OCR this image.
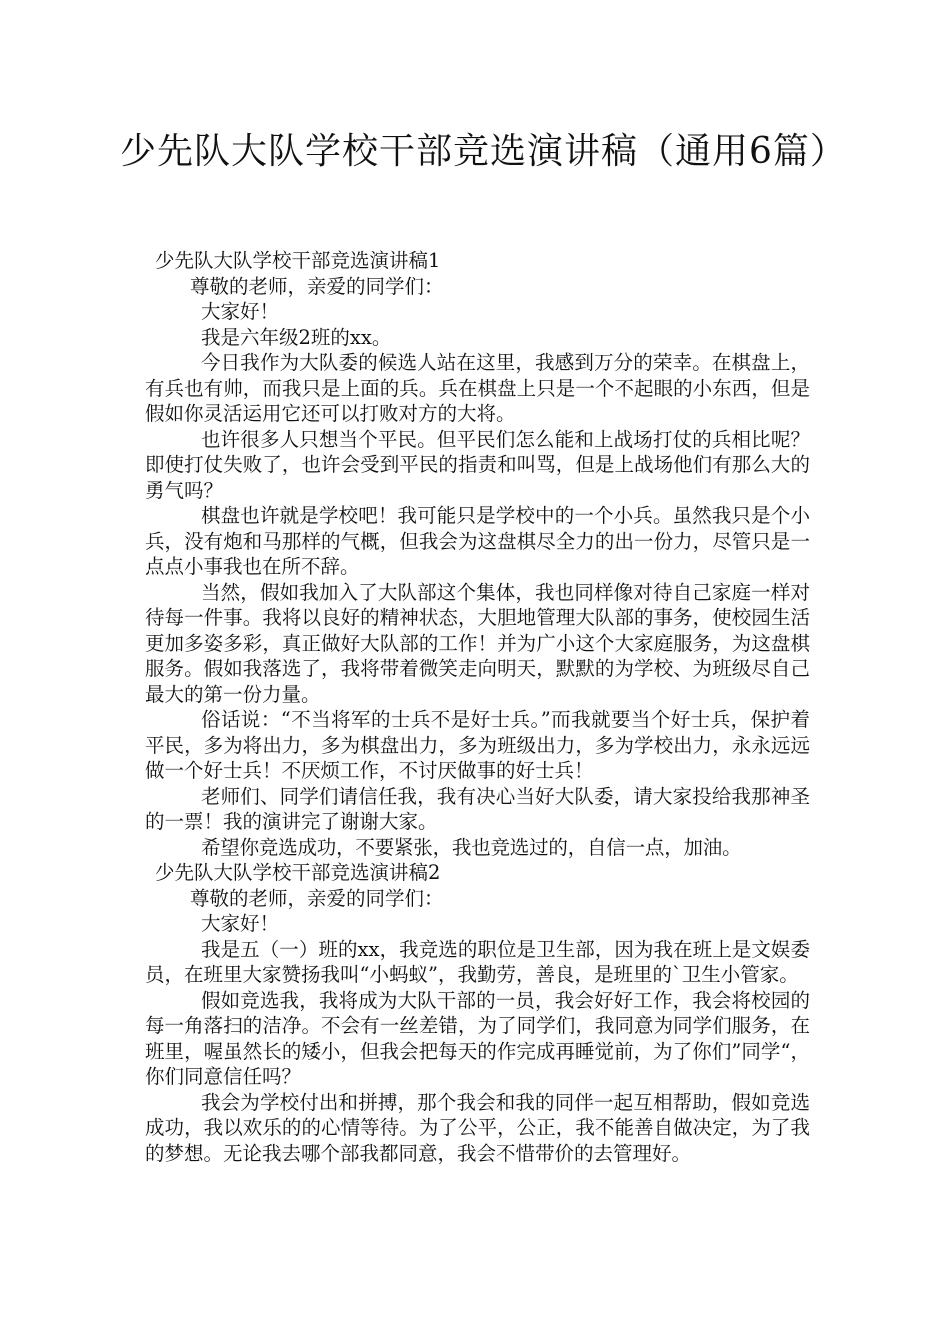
少先队大队学校干部竞选演讲稿（通用6篇）

少先队大队学校干部竞选演讲稿1

尊敬的老师，亲爱的同学们：

大家好！

我是六年级2班的xx。

今日我作为大队委的候选人站在这里，我感到万分的荣幸。在棋盘上，有兵也有帅，而我只是上面的兵。兵在棋盘上只是一个不起眼的小东西，但是假如你灵活运用它还可以打败对方的大将。

也许很多人只想当个平民。但平民们怎么能和上战场打仗的兵相比呢？即使打仗失败了，也许会受到平民的指责和叫骂，但是上战场他们有那么大的勇气吗？

棋盘也许就是学校吧！我可能只是学校中的一个小兵。虽然我只是个小兵，没有炮和马那样的气概，但我会为这盘棋尽全力的出一份力，尽管只是一点点小事我也在所不辞。

当然，假如我加入了大队部这个集体，我也同样像对待自己家庭一样对待每一件事。我将以良好的精神状态，大胆地管理大队部的事务，使校园生活更加多姿多彩，真正做好大队部的工作！并为广小这个大家庭服务，为这盘棋服务。假如我落选了，我将带着微笑走向明天，默默的为学校、为班级尽自己最大的第一份力量。

俗话说：“不当将军的士兵不是好士兵。”而我就要当个好士兵，保护着平民，多为将出力，多为棋盘出力，多为班级出力，多为学校出力，永永远远做一个好士兵！不厌烦工作，不讨厌做事的好士兵！

老师们、同学们请信任我，我有决心当好大队委，请大家投给我那神圣的一票！我的演讲完了谢谢大家。

希望你竞选成功，不要紧张，我也竞选过的，自信一点，加油。

少先队大队学校干部竞选演讲稿2

尊敬的老师，亲爱的同学们：

大家好！

我是五（一）班的xx，我竞选的职位是卫生部，因为我在班上是文娱委员，在班里大家赞扬我叫“小蚂蚁”，我勤劳，善良，是班里的`卫生小管家。

假如竞选我，我将成为大队干部的一员，我会好好工作，我会将校园的每一角落扫的洁净。不会有一丝差错，为了同学们，我同意为同学们服务，在班里，喔虽然长的矮小，但我会把每天的作完成再睡觉前，为了你们”同学“，你们同意信任吗？

我会为学校付出和拼搏，那个我会和我的同伴一起互相帮助，假如竞选成功，我以欢乐的的心情等待。为了公平，公正，我不能善自做决定，为了我的梦想。无论我去哪个部我都同意，我会不惜带价的去管理好。
